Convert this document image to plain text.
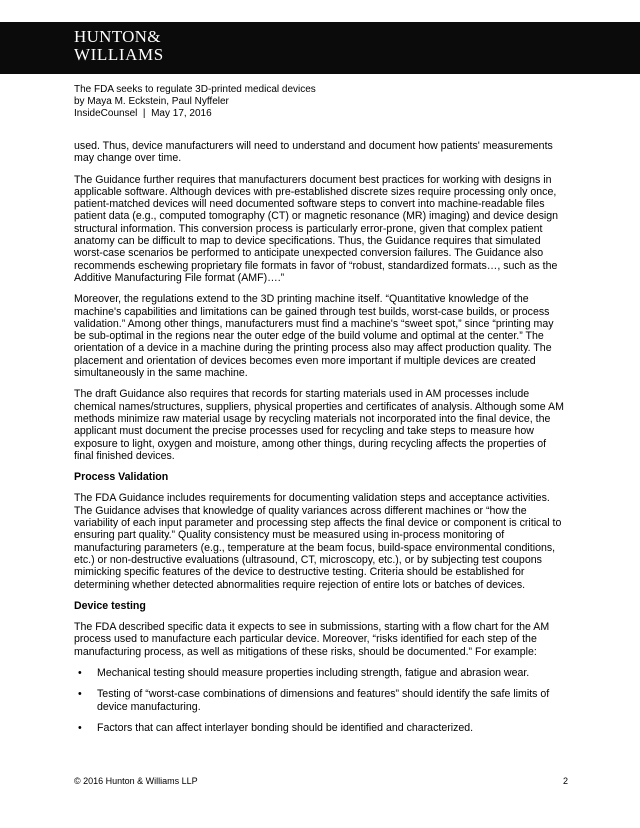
HUNTON&
WILLIAMS
The FDA seeks to regulate 3D-printed medical devices
by Maya M. Eckstein, Paul Nyffeler
InsideCounsel  |  May 17, 2016

used. Thus, device manufacturers will need to understand and document how patients' measurements may change over time.

The Guidance further requires that manufacturers document best practices for working with designs in applicable software. Although devices with pre-established discrete sizes require processing only once, patient-matched devices will need documented software steps to convert into machine-readable files patient data (e.g., computed tomography (CT) or magnetic resonance (MR) imaging) and device design structural information. This conversion process is particularly error-prone, given that complex patient anatomy can be difficult to map to device specifications. Thus, the Guidance requires that simulated worst-case scenarios be performed to anticipate unexpected conversion failures. The Guidance also recommends eschewing proprietary file formats in favor of “robust, standardized formats…, such as the Additive Manufacturing File format (AMF)….”

Moreover, the regulations extend to the 3D printing machine itself. “Quantitative knowledge of the machine's capabilities and limitations can be gained through test builds, worst-case builds, or process validation.” Among other things, manufacturers must find a machine's “sweet spot,” since “printing may be sub-optimal in the regions near the outer edge of the build volume and optimal at the center.” The orientation of a device in a machine during the printing process also may affect production quality. The placement and orientation of devices becomes even more important if multiple devices are created simultaneously in the same machine.

The draft Guidance also requires that records for starting materials used in AM processes include chemical names/structures, suppliers, physical properties and certificates of analysis. Although some AM methods minimize raw material usage by recycling materials not incorporated into the final device, the applicant must document the precise processes used for recycling and take steps to measure how exposure to light, oxygen and moisture, among other things, during recycling affects the properties of final finished devices.

Process Validation

The FDA Guidance includes requirements for documenting validation steps and acceptance activities. The Guidance advises that knowledge of quality variances across different machines or “how the variability of each input parameter and processing step affects the final device or component is critical to ensuring part quality.” Quality consistency must be measured using in-process monitoring of manufacturing parameters (e.g., temperature at the beam focus, build-space environmental conditions, etc.) or non-destructive evaluations (ultrasound, CT, microscopy, etc.), or by subjecting test coupons mimicking specific features of the device to destructive testing. Criteria should be established for determining whether detected abnormalities require rejection of entire lots or batches of devices.

Device testing

The FDA described specific data it expects to see in submissions, starting with a flow chart for the AM process used to manufacture each particular device. Moreover, “risks identified for each step of the manufacturing process, as well as mitigations of these risks, should be documented.” For example:

• Mechanical testing should measure properties including strength, fatigue and abrasion wear.
• Testing of “worst-case combinations of dimensions and features” should identify the safe limits of device manufacturing.
• Factors that can affect interlayer bonding should be identified and characterized.
© 2016 Hunton & Williams LLP	2
